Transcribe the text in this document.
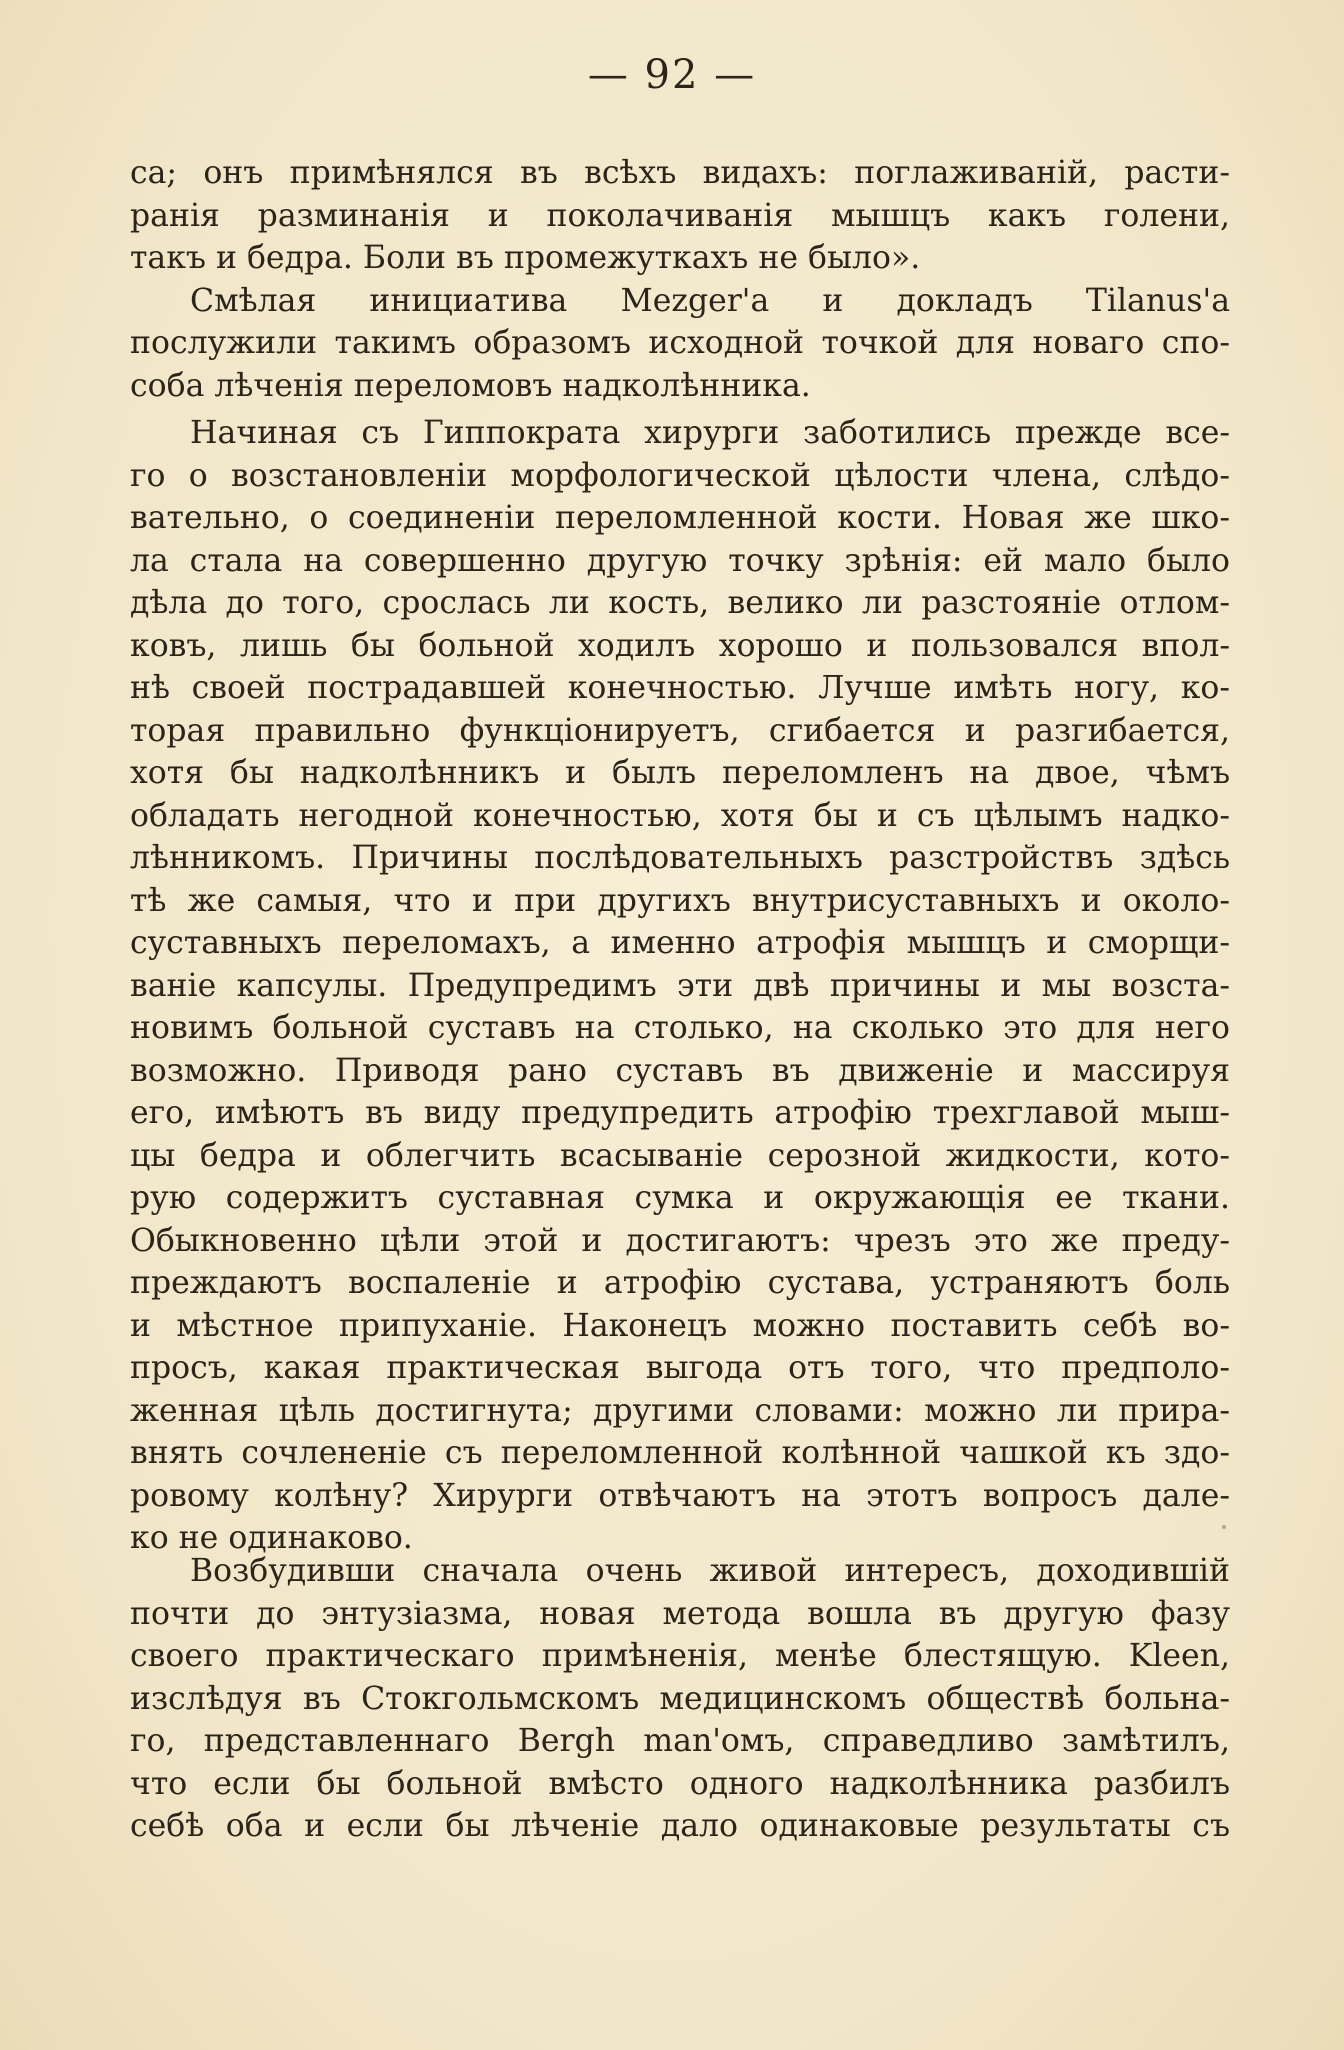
— 92 —
са; онъ примѣнялся въ всѣхъ видахъ: поглаживаній, расти-
ранія разминанія и поколачиванія мышцъ какъ голени,
такъ и бедра. Боли въ промежуткахъ не было».
Смѣлая инициатива Mezger'а и докладъ Tilanus'а
послужили такимъ образомъ исходной точкой для новаго спо-
соба лѣченія переломовъ надколѣнника.
Начиная съ Гиппократа хирурги заботились прежде все-
го о возстановленіи морфологической цѣлости члена, слѣдо-
вательно, о соединеніи переломленной кости. Новая же шко-
ла стала на совершенно другую точку зрѣнія: ей мало было
дѣла до того, срослась ли кость, велико ли разстояніе отлом-
ковъ, лишь бы больной ходилъ хорошо и пользовался впол-
нѣ своей пострадавшей конечностью. Лучше имѣть ногу, ко-
торая правильно функціонируетъ, сгибается и разгибается,
хотя бы надколѣнникъ и былъ переломленъ на двое, чѣмъ
обладать негодной конечностью, хотя бы и съ цѣлымъ надко-
лѣнникомъ. Причины послѣдовательныхъ разстройствъ здѣсь
тѣ же самыя, что и при другихъ внутрисуставныхъ и около-
суставныхъ переломахъ, а именно атрофія мышцъ и сморщи-
ваніе капсулы. Предупредимъ эти двѣ причины и мы возста-
новимъ больной суставъ на столько, на сколько это для него
возможно. Приводя рано суставъ въ движеніе и массируя
его, имѣютъ въ виду предупредить атрофію трехглавой мыш-
цы бедра и облегчить всасываніе серозной жидкости, кото-
рую содержитъ суставная сумка и окружающія ее ткани.
Обыкновенно цѣли этой и достигаютъ: чрезъ это же преду-
преждаютъ воспаленіе и атрофію сустава, устраняютъ боль
и мѣстное припуханіе. Наконецъ можно поставить себѣ во-
просъ, какая практическая выгода отъ того, что предполо-
женная цѣль достигнута; другими словами: можно ли прира-
внять сочлененіе съ переломленной колѣнной чашкой къ здо-
ровому колѣну? Хирурги отвѣчаютъ на этотъ вопросъ дале-
ко не одинаково.
Возбудивши сначала очень живой интересъ, доходившій
почти до энтузіазма, новая метода вошла въ другую фазу
своего практическаго примѣненія, менѣе блестящую. Kleen,
изслѣдуя въ Стокгольмскомъ медицинскомъ обществѣ больна-
го, представленнаго Bergh man'омъ, справедливо замѣтилъ,
что если бы больной вмѣсто одного надколѣнника разбилъ
себѣ оба и если бы лѣченіе дало одинаковые результаты съ
